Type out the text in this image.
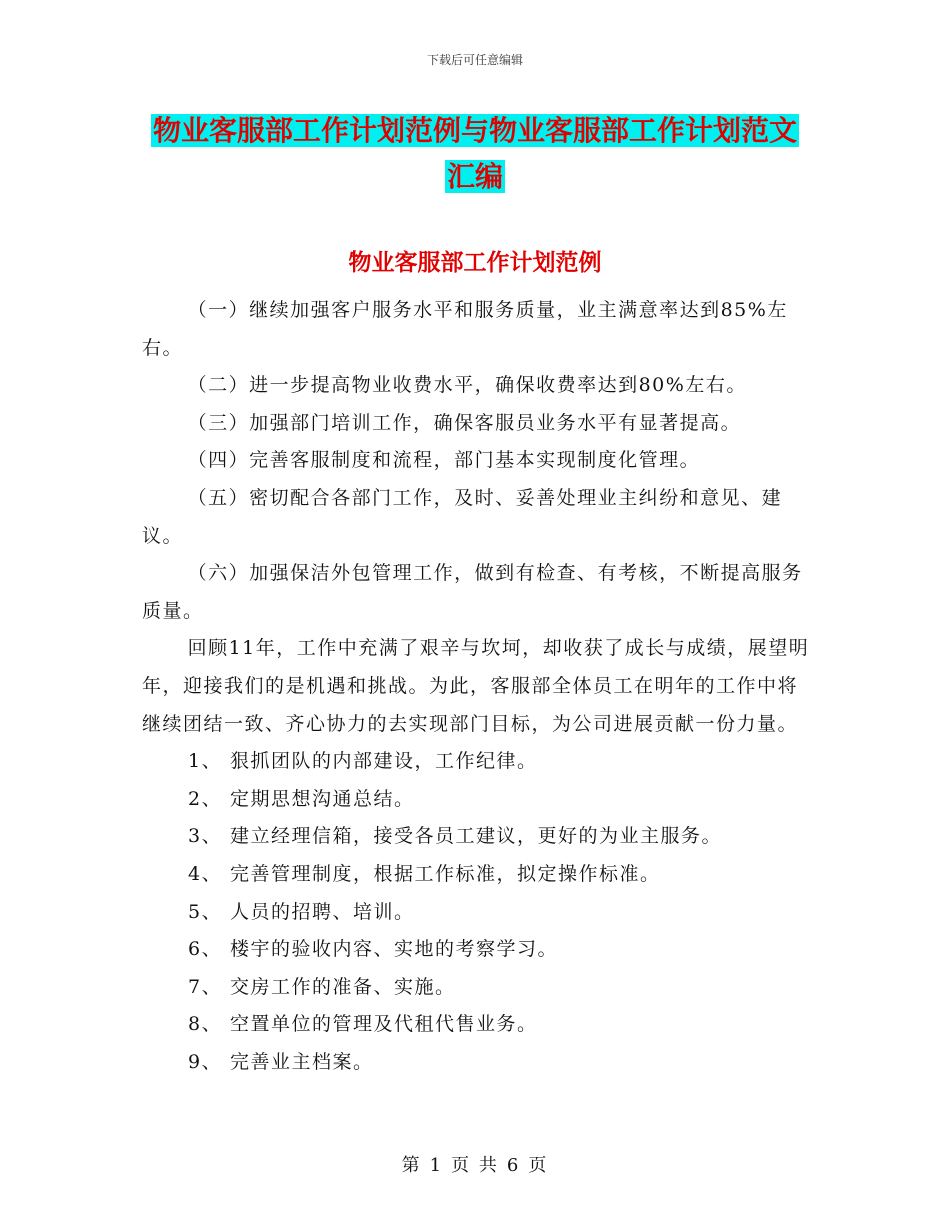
下载后可任意编辑
物业客服部工作计划范例与物业客服部工作计划范文
汇编
物业客服部工作计划范例

（一）继续加强客户服务水平和服务质量，业主满意率达到85%左右。

（二）进一步提高物业收费水平，确保收费率达到80%左右。

（三）加强部门培训工作，确保客服员业务水平有显著提高。

（四）完善客服制度和流程，部门基本实现制度化管理。

（五）密切配合各部门工作，及时、妥善处理业主纠纷和意见、建议。

（六）加强保洁外包管理工作，做到有检查、有考核，不断提高服务质量。

回顾11年，工作中充满了艰辛与坎坷，却收获了成长与成绩，展望明年，迎接我们的是机遇和挑战。为此，客服部全体员工在明年的工作中将继续团结一致、齐心协力的去实现部门目标，为公司进展贡献一份力量。

1、 狠抓团队的内部建设，工作纪律。
2、 定期思想沟通总结。
3、 建立经理信箱，接受各员工建议，更好的为业主服务。
4、 完善管理制度，根据工作标准，拟定操作标准。
5、 人员的招聘、培训。
6、 楼宇的验收内容、实地的考察学习。
7、 交房工作的准备、实施。
8、 空置单位的管理及代租代售业务。
9、 完善业主档案。
第 1 页 共 6 页
